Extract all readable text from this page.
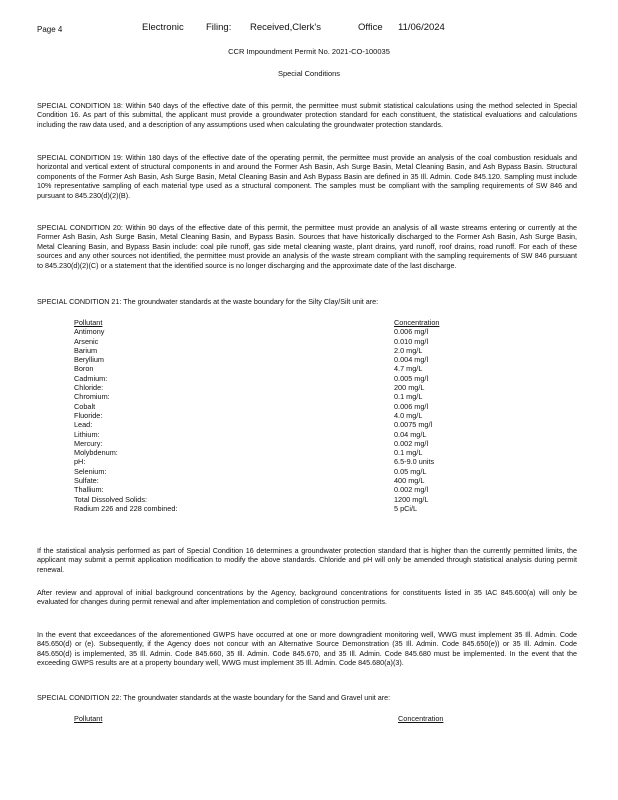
Page 4	Electronic Filing: Received,Clerk's	Office 11/06/2024
CCR Impoundment Permit No. 2021-CO-100035
Special Conditions

SPECIAL CONDITION 18: Within 540 days of the effective date of this permit, the permittee must submit statistical calculations using the method selected in Special Condition 16. As part of this submittal, the applicant must provide a groundwater protection standard for each constituent, the statistical evaluations and calculations including the raw data used, and a description of any assumptions used when calculating the groundwater protection standards.

SPECIAL CONDITION 19: Within 180 days of the effective date of the operating permit, the permittee must provide an analysis of the coal combustion residuals and horizontal and vertical extent of structural components in and around the Former Ash Basin, Ash Surge Basin, Metal Cleaning Basin, and Ash Bypass Basin. Structural components of the Former Ash Basin, Ash Surge Basin, Metal Cleaning Basin and Ash Bypass Basin are defined in 35 Ill. Admin. Code 845.120. Sampling must include 10% representative sampling of each material type used as a structural component. The samples must be compliant with the sampling requirements of SW 846 and pursuant to 845.230(d)(2)(B).

SPECIAL CONDITION 20: Within 90 days of the effective date of this permit, the permittee must provide an analysis of all waste streams entering or currently at the Former Ash Basin, Ash Surge Basin, Metal Cleaning Basin, and Bypass Basin. Sources that have historically discharged to the Former Ash Basin, Ash Surge Basin, Metal Cleaning Basin, and Bypass Basin include: coal pile runoff, gas side metal cleaning waste, plant drains, yard runoff, roof drains, road runoff. For each of these sources and any other sources not identified, the permittee must provide an analysis of the waste stream compliant with the sampling requirements of SW 846 pursuant to 845.230(d)(2)(C) or a statement that the identified source is no longer discharging and the approximate date of the last discharge.

SPECIAL CONDITION 21: The groundwater standards at the waste boundary for the Silty Clay/Silt unit are:

Pollutant	Concentration
Antimony	0.006 mg/l
Arsenic	0.010 mg/l
Barium	2.0 mg/L
Beryllium	0.004 mg/l
Boron	4.7 mg/L
Cadmium:	0.005 mg/l
Chloride:	200 mg/L
Chromium:	0.1 mg/L
Cobalt	0.006 mg/l
Fluoride:	4.0 mg/L
Lead:	0.0075 mg/l
Lithium:	0.04 mg/L
Mercury:	0.002 mg/l
Molybdenum:	0.1 mg/L
pH:	6.5-9.0 units
Selenium:	0.05 mg/L
Sulfate:	400 mg/L
Thallium:	0.002 mg/l
Total Dissolved Solids:	1200 mg/L
Radium 226 and 228 combined:	5 pCi/L

If the statistical analysis performed as part of Special Condition 16 determines a groundwater protection standard that is higher than the currently permitted limits, the applicant may submit a permit application modification to modify the above standards. Chloride and pH will only be amended through statistical analysis during permit renewal.

After review and approval of initial background concentrations by the Agency, background concentrations for constituents listed in 35 IAC 845.600(a) will only be evaluated for changes during permit renewal and after implementation and completion of construction permits.

In the event that exceedances of the aforementioned GWPS have occurred at one or more downgradient monitoring well, WWG must implement 35 Ill. Admin. Code 845.650(d) or (e). Subsequently, if the Agency does not concur with an Alternative Source Demonstration (35 Ill. Admin. Code 845.650(e)) or 35 Ill. Admin. Code 845.650(d) is implemented, 35 Ill. Admin. Code 845.660, 35 Ill. Admin. Code 845.670, and 35 Ill. Admin. Code 845.680 must be implemented. In the event that the exceeding GWPS results are at a property boundary well, WWG must implement 35 Ill. Admin. Code 845.680(a)(3).

SPECIAL CONDITION 22: The groundwater standards at the waste boundary for the Sand and Gravel unit are:

Pollutant	Concentration
